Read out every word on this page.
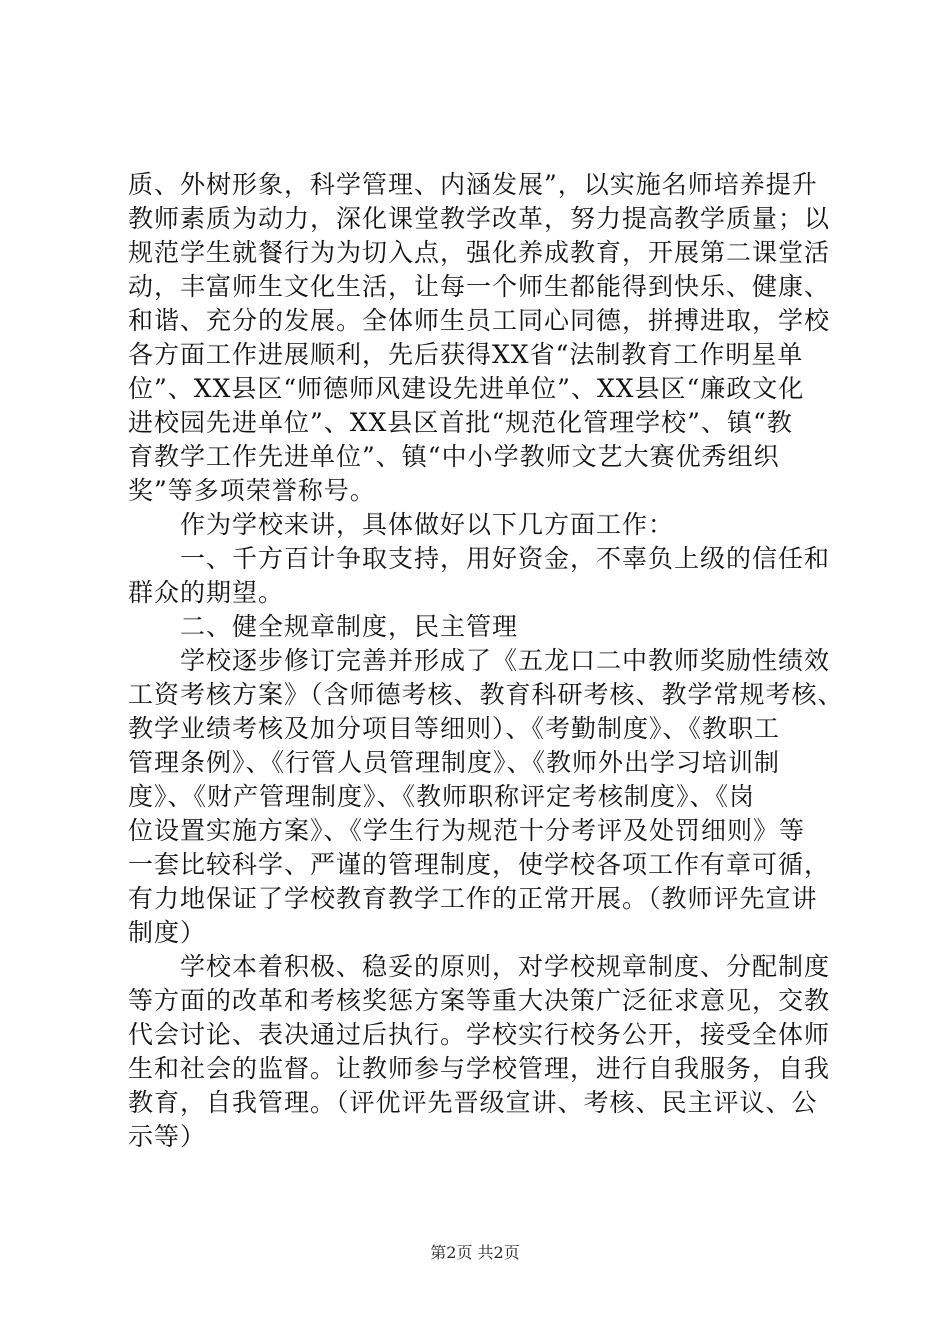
质、外树形象，科学管理、内涵发展”，以实施名师培养提升
教师素质为动力，深化课堂教学改革，努力提高教学质量；以
规范学生就餐行为为切入点，强化养成教育，开展第二课堂活
动，丰富师生文化生活，让每一个师生都能得到快乐、健康、
和谐、充分的发展。全体师生员工同心同德，拼搏进取，学校
各方面工作进展顺利，先后获得XX省“法制教育工作明星单
位”、XX县区“师德师风建设先进单位”、XX县区“廉政文化
进校园先进单位”、XX县区首批“规范化管理学校”、镇“教
育教学工作先进单位”、镇“中小学教师文艺大赛优秀组织
奖”等多项荣誉称号。
　　作为学校来讲，具体做好以下几方面工作：
　　一、千方百计争取支持，用好资金，不辜负上级的信任和
群众的期望。
　　二、健全规章制度，民主管理
　　学校逐步修订完善并形成了《五龙口二中教师奖励性绩效
工资考核方案》（含师德考核、教育科研考核、教学常规考核、
教学业绩考核及加分项目等细则）、《考勤制度》、《教职工
管理条例》、《行管人员管理制度》、《教师外出学习培训制
度》、《财产管理制度》、《教师职称评定考核制度》、《岗
位设置实施方案》、《学生行为规范十分考评及处罚细则》等
一套比较科学、严谨的管理制度，使学校各项工作有章可循，
有力地保证了学校教育教学工作的正常开展。（教师评先宣讲
制度）
　　学校本着积极、稳妥的原则，对学校规章制度、分配制度
等方面的改革和考核奖惩方案等重大决策广泛征求意见，交教
代会讨论、表决通过后执行。学校实行校务公开，接受全体师
生和社会的监督。让教师参与学校管理，进行自我服务，自我
教育，自我管理。（评优评先晋级宣讲、考核、民主评议、公
示等）
第2页 共2页
